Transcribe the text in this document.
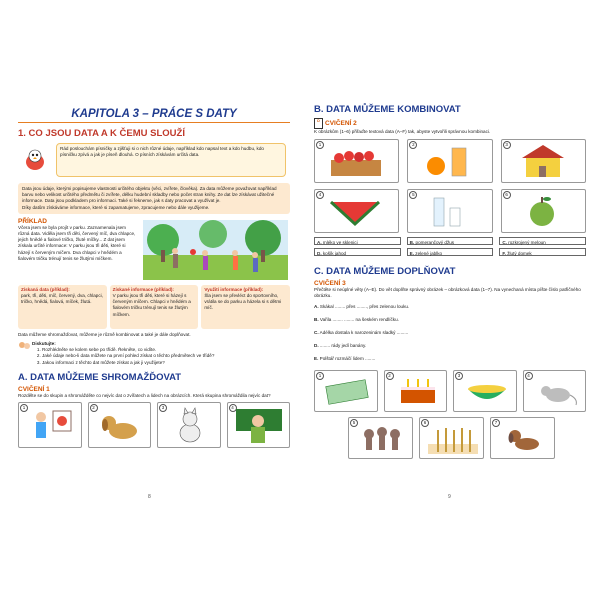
KAPITOLA 3 – PRÁCE S DATY
1. CO JSOU DATA A K ČEMU SLOUŽÍ
Rád poslouchám písničky a zjišťuji si o nich různé údaje, například kdo napsal text a kdo hudbu, kdo písničku zpívá a jak je píseň dlouhá. O písních získávám určitá data.
Data jsou údaje, kterými popisujeme vlastnosti určitého objektu (věci, zvířete, člověka). Za data můžeme považovat například barvu nebo velikost určitého předmětu či zvířete, délku hudební skladby nebo počet stran knihy. Ze dat lze získávat užitečné informace. Data jsou podkladem pro informaci. Také si řekneme, jak s daty pracovat a využívat je.
Díky datům získáváme informace, které si zapamatujeme, zpracujeme nebo dále využijeme.
PŘÍKLAD
Včera jsem se byla projít v parku. Zaznamenala jsem různá data. Viděla jsem tři děti, červený míč, dva chlapce, jejich hnědé a fialové tričko, žluté míčky... Z dat jsem získala určité informace: V parku jsou tři děti, které si házejí s červeným míčem. Dva chlapci v hnědém a fialovém tričku trénují tenis se žlutými míčkem.
Získaná data (příklad):
park, tři, děti, míč, červený, dva, chlapci, tričko, hnědá, fialová, míček, žlutá.
Získané informace (příklad):
V parku jsou tři děti, které si házejí s červeným míčem. Chlapci v hnědém a fialovém tričku trénují tenis se žlutým míčkem.
Využití informace (příklad):
Šla jsem se převléct do sportovního, vrátila se do parku a házela si s dětmi míč.
Data můžeme shromažďovat, můžeme je různě kombinovat a také je dále doplňovat.
Diskutujte:
1. Rozhlédněte se kolem sebe po třídě. Řekněte, co vidíte.
2. Jaké údaje nebo-li data můžete na první pohled získat o těchto předmětech ve třídě?
3. Jakou informaci z těchto dat můžete získat a jak ji využijete?
A. DATA MŮŽEME SHROMAŽĎOVAT
CVIČENÍ 1
Rozdělte se do skupin a shromážděte co nejvíc dat o zvířatech a lidech na obrázcích. Která skupina shromáždila nejvíc dat?
1	2	3	4
8
B. DATA MŮŽEME KOMBINOVAT
D CVIČENÍ 2
K obrázkům (1–6) přiřaďte textová data (A–F) tak, abyste vytvořili správnou kombinaci.
1	2	3
4	5	6
A. mléko ve sklenici	B. pomerančový džus	C. rozkrojený meloun
D. košík jahod	E. zelené jablko	F. žlutý domek
C. DATA MŮŽEME DOPLŇOVAT
CVIČENÍ 3
Přečtěte si neúplné věty (A–E). Do vět doplňte správný obrázek – obrázková data (1–7). Na vynechaná místa píšte číslo patřičného obrázku.
A. Skákal ........ přes ........, přes zelenou louku.
B. Vařila ........ ........ na šeském rendlíčku.
C. Adélka dostala k narozeninám sladký .........
D. ........ rády jedí banány.
E. Polštář rozmáčí lidem ........
1	2	3	4
5	6	7
9
